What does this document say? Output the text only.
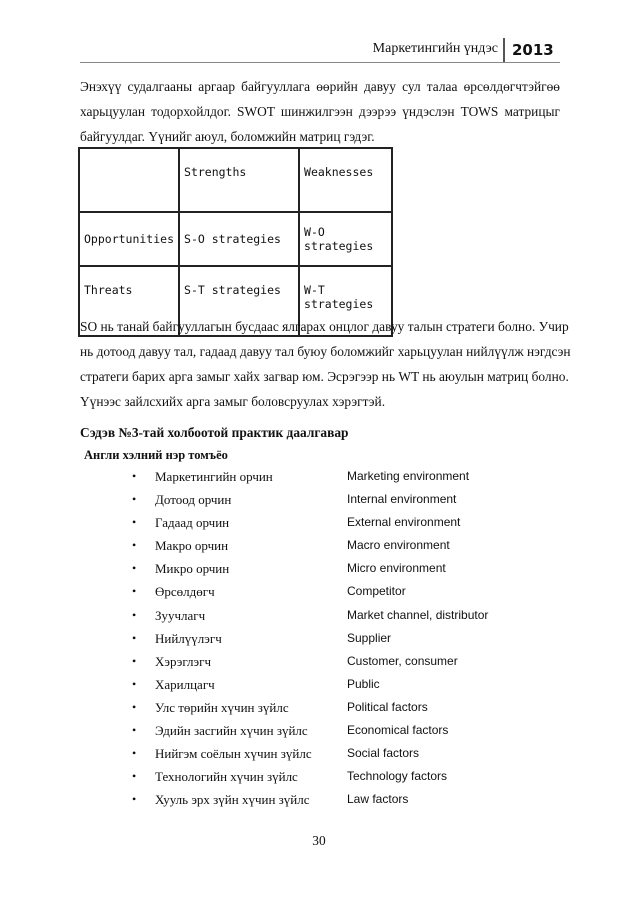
Маркетингийн үндэс 2013
Энэхүү судалгааны аргаар байгууллага өөрийн давуу сул талаа өрсөлдөгчтэйгөө
харьцуулан тодорхойлдог. SWOT шинжилгээн дээрээ үндэслэн TOWS матрицыг
байгуулдаг. Үүнийг аюул, боломжийн матриц гэдэг.
	Strengths	Weaknesses
Opportunities	S-O strategies	W-O strategies
Threats	S-T strategies	W-T strategies
SO нь танай байгууллагын бусдаас ялгарах онцлог давуу талын стратеги болно. Учир
нь дотоод давуу тал, гадаад давуу тал буюу боломжийг харьцуулан нийлүүлж нэгдсэн
стратеги барих арга замыг хайх загвар юм. Эсрэгээр нь WT нь аюулын матриц болно.
Үүнээс зайлсхийх арга замыг боловсруулах хэрэгтэй.
Сэдэв №3-тай холбоотой практик даалгавар
Англи хэлний нэр томъёо
• Маркетингийн орчин	Marketing environment
• Дотоод орчин	Internal environment
• Гадаад орчин	External environment
• Макро орчин	Macro environment
• Микро орчин	Micro environment
• Өрсөлдөгч	Competitor
• Зуучлагч	Market channel, distributor
• Нийлүүлэгч	Supplier
• Хэрэглэгч	Customer, consumer
• Харилцагч	Public
• Улс төрийн хүчин зүйлс	Political factors
• Эдийн засгийн хүчин зүйлс	Economical factors
• Нийгэм соёлын хүчин зүйлс	Social factors
• Технологийн хүчин зүйлс	Technology factors
• Хууль эрх зүйн хүчин зүйлс	Law factors
30
